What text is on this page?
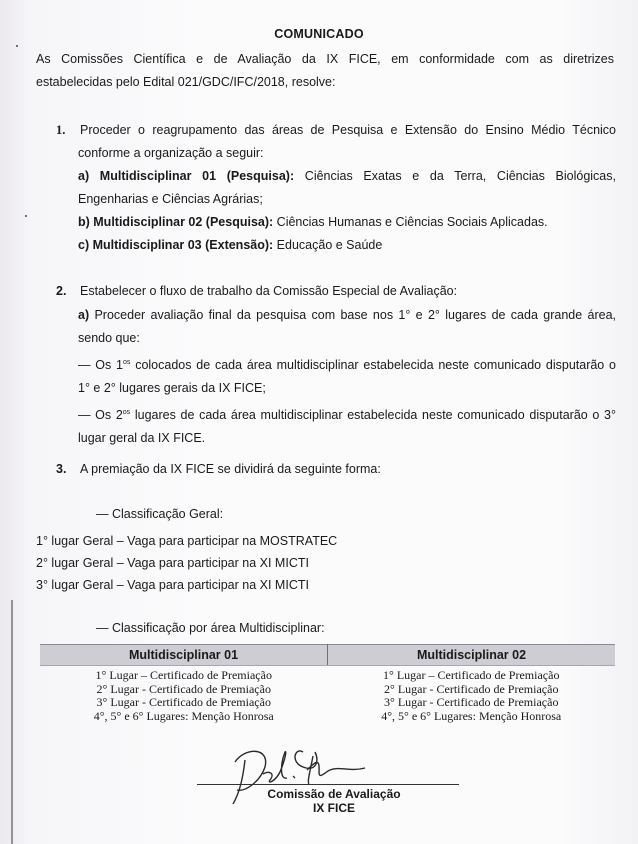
COMUNICADO
As Comissões Científica e de Avaliação da IX FICE, em conformidade com as diretrizes
estabelecidas pelo Edital 021/GDC/IFC/2018, resolve:
1. Proceder o reagrupamento das áreas de Pesquisa e Extensão do Ensino Médio Técnico
conforme a organização a seguir:
a) Multidisciplinar 01 (Pesquisa): Ciências Exatas e da Terra, Ciências Biológicas,
Engenharias e Ciências Agrárias;
b) Multidisciplinar 02 (Pesquisa): Ciências Humanas e Ciências Sociais Aplicadas.
c) Multidisciplinar 03 (Extensão): Educação e Saúde
2. Estabelecer o fluxo de trabalho da Comissão Especial de Avaliação:
a) Proceder avaliação final da pesquisa com base nos 1° e 2° lugares de cada grande área,
sendo que:
— Os $1^{os}$ colocados de cada área multidisciplinar estabelecida neste comunicado disputarão o
1° e 2° lugares gerais da IX FICE;
— Os $2^{os}$ lugares de cada área multidisciplinar estabelecida neste comunicado disputarão o 3°
lugar geral da IX FICE.
3. A premiação da IX FICE se dividirá da seguinte forma:
— Classificação Geral:
1° lugar Geral – Vaga para participar na MOSTRATEC
2° lugar Geral – Vaga para participar na XI MICTI
3° lugar Geral – Vaga para participar na XI MICTI
— Classificação por área Multidisciplinar:
Multidisciplinar 01	Multidisciplinar 02
1° Lugar – Certificado de Premiação	1° Lugar – Certificado de Premiação
2° Lugar - Certificado de Premiação	2° Lugar - Certificado de Premiação
3° Lugar - Certificado de Premiação	3° Lugar - Certificado de Premiação
4°, 5° e 6° Lugares: Menção Honrosa	4°, 5° e 6° Lugares: Menção Honrosa
Comissão de Avaliação
IX FICE
